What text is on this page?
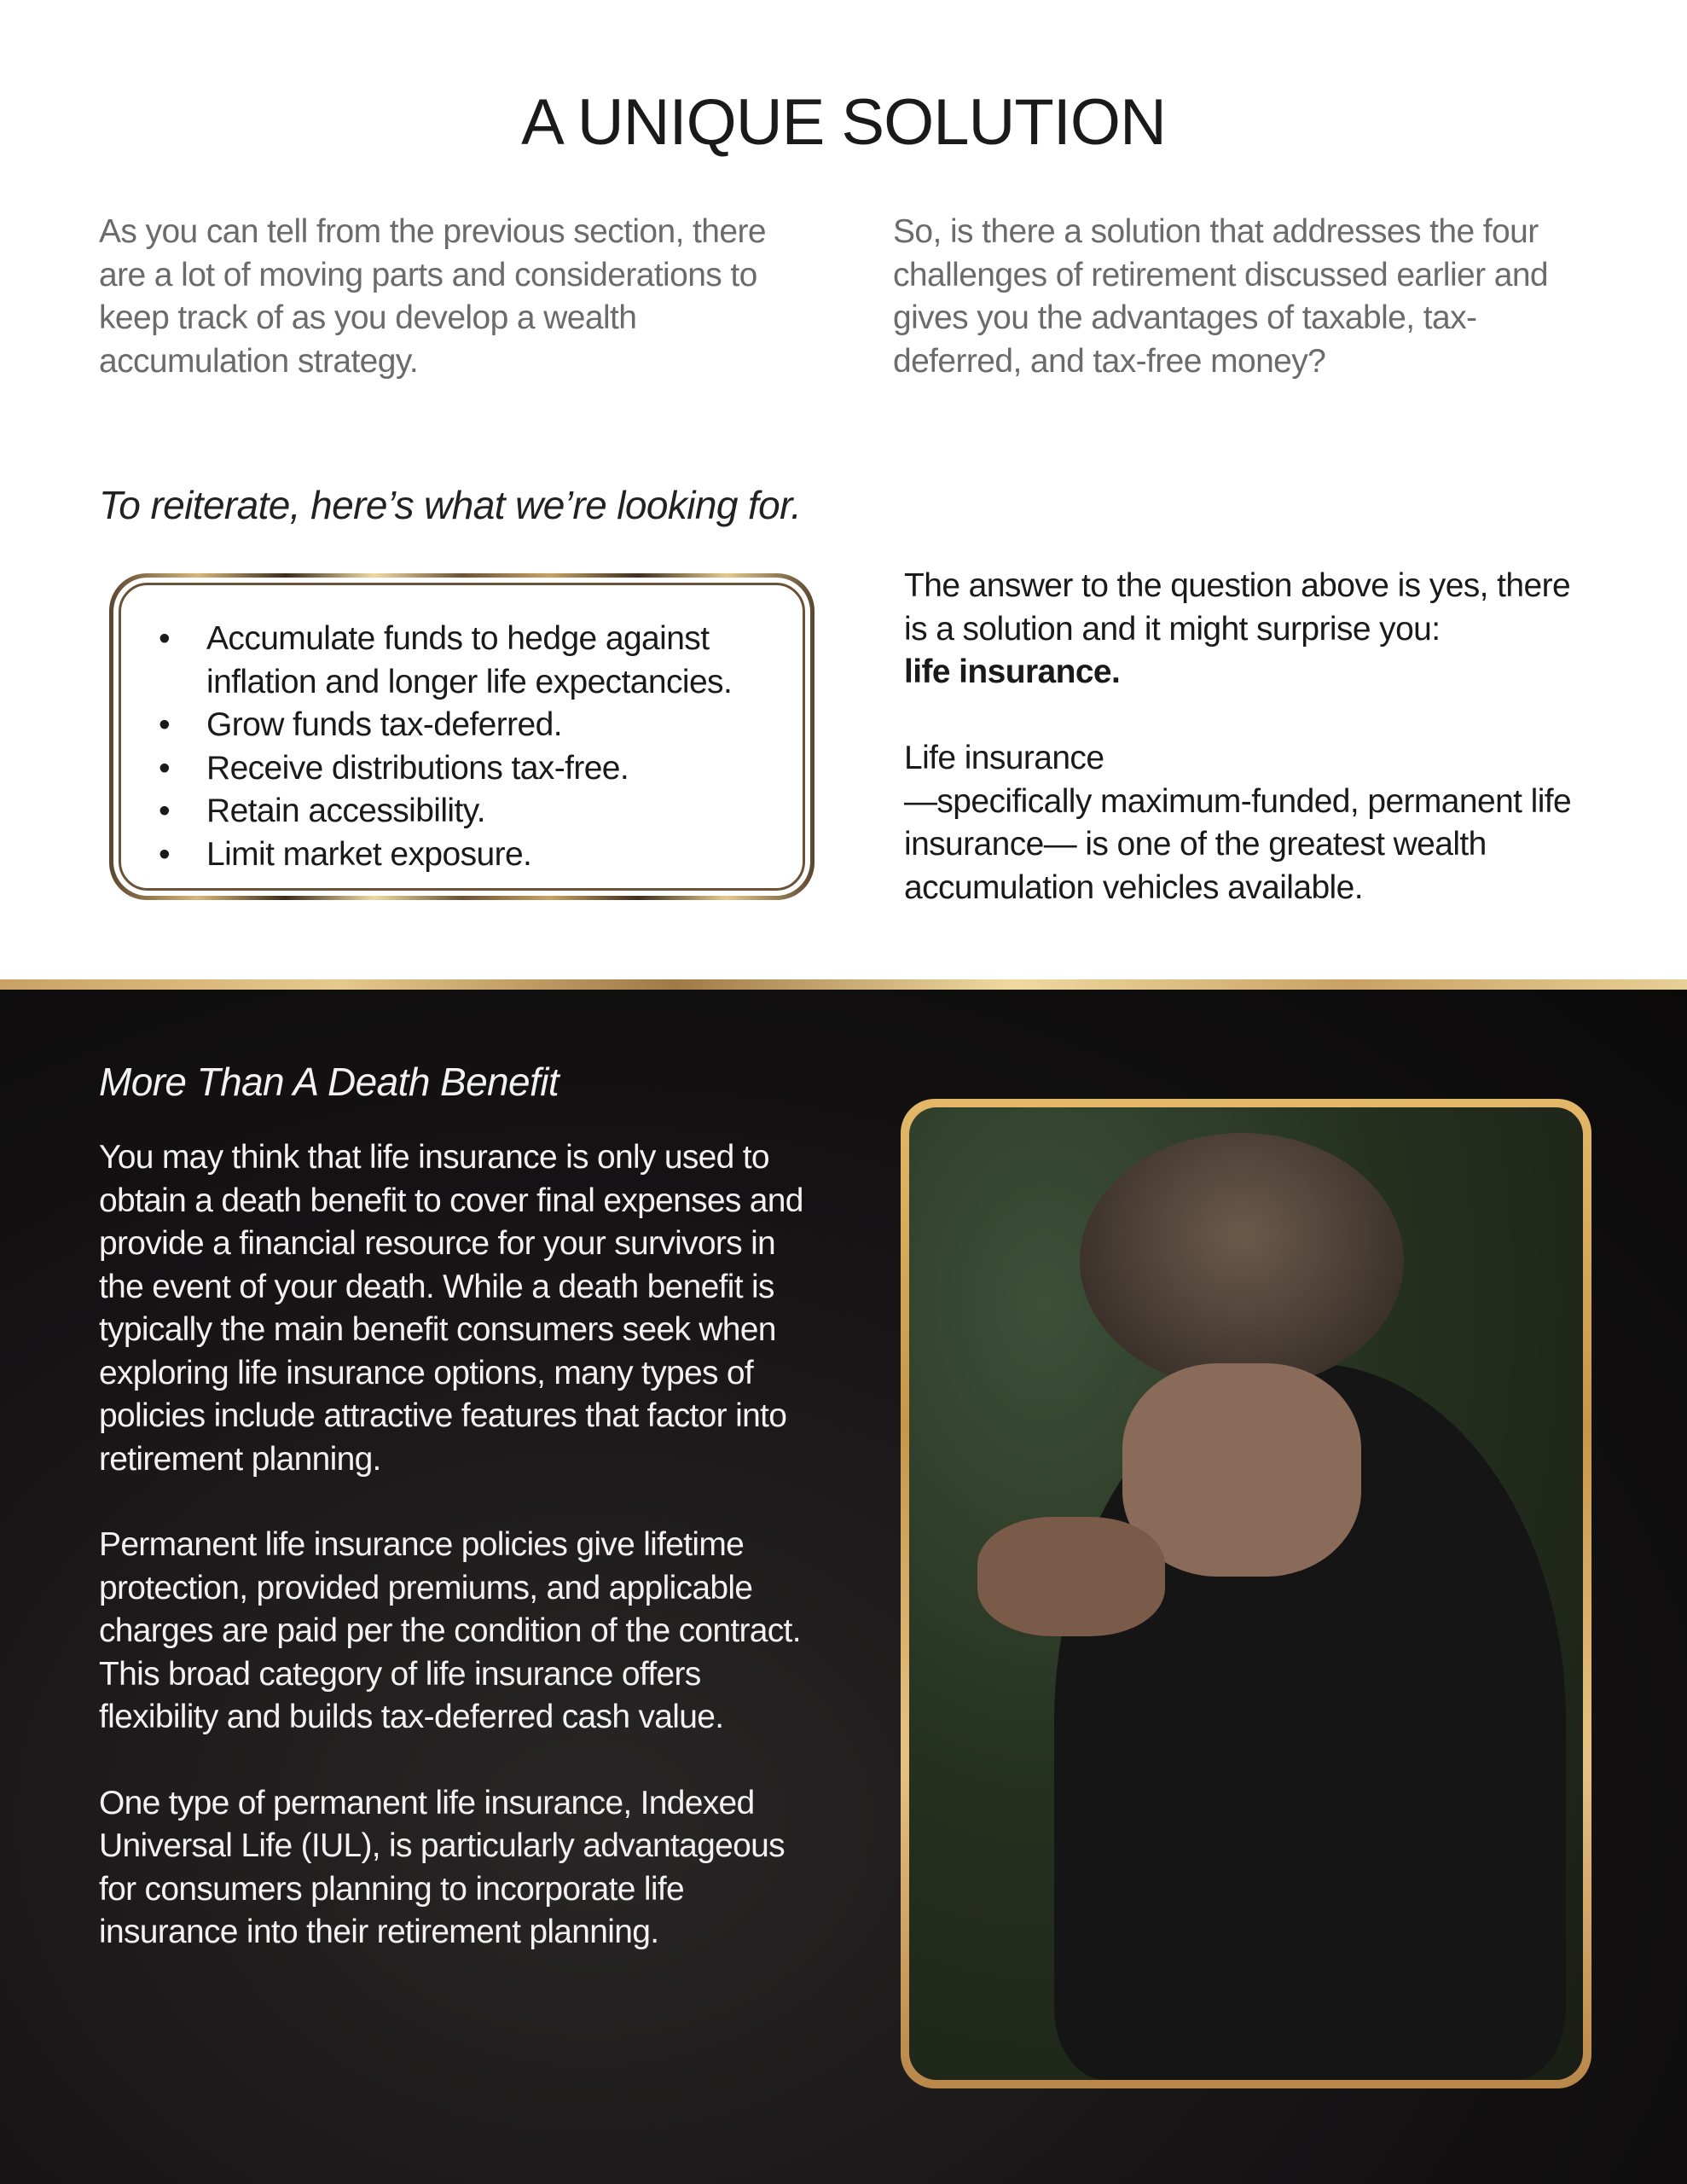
A UNIQUE SOLUTION

As you can tell from the previous section, there are a lot of moving parts and considerations to keep track of as you develop a wealth accumulation strategy.

So, is there a solution that addresses the four challenges of retirement discussed earlier and gives you the advantages of taxable, tax-deferred, and tax-free money?

To reiterate, here’s what we’re looking for.

• Accumulate funds to hedge against inflation and longer life expectancies.
• Grow funds tax-deferred.
• Receive distributions tax-free.
• Retain accessibility.
• Limit market exposure.
The answer to the question above is yes, there is a solution and it might surprise you:
life insurance.

Life insurance
—specifically maximum-funded, permanent life insurance— is one of the greatest wealth accumulation vehicles available.

More Than A Death Benefit

You may think that life insurance is only used to obtain a death benefit to cover final expenses and provide a financial resource for your survivors in the event of your death. While a death benefit is typically the main benefit consumers seek when exploring life insurance options, many types of policies include attractive features that factor into retirement planning.

Permanent life insurance policies give lifetime protection, provided premiums, and applicable charges are paid per the condition of the contract. This broad category of life insurance offers flexibility and builds tax-deferred cash value.

One type of permanent life insurance, Indexed Universal Life (IUL), is particularly advantageous for consumers planning to incorporate life insurance into their retirement planning.
